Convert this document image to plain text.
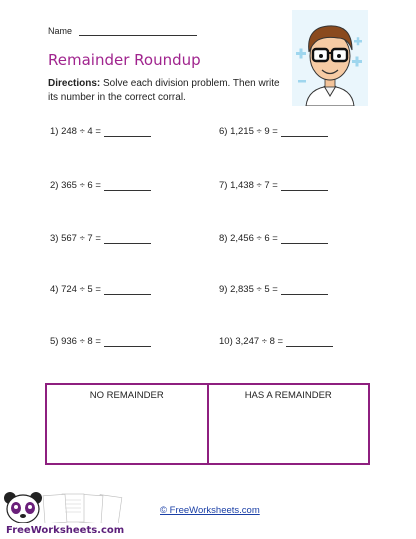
Name
Remainder Roundup
Directions: Solve each division problem. Then write its number in the correct corral.
1) 248 ÷ 4 =
2) 365 ÷ 6 =
3) 567 ÷ 7 =
4) 724 ÷ 5 =
5) 936 ÷ 8 =
6) 1,215 ÷ 9 =
7) 1,438 ÷ 7 =
8) 2,456 ÷ 6 =
9) 2,835 ÷ 5 =
10) 3,247 ÷ 8 =
NO REMAINDER	HAS A REMAINDER
FreeWorksheets.com
© FreeWorksheets.com
